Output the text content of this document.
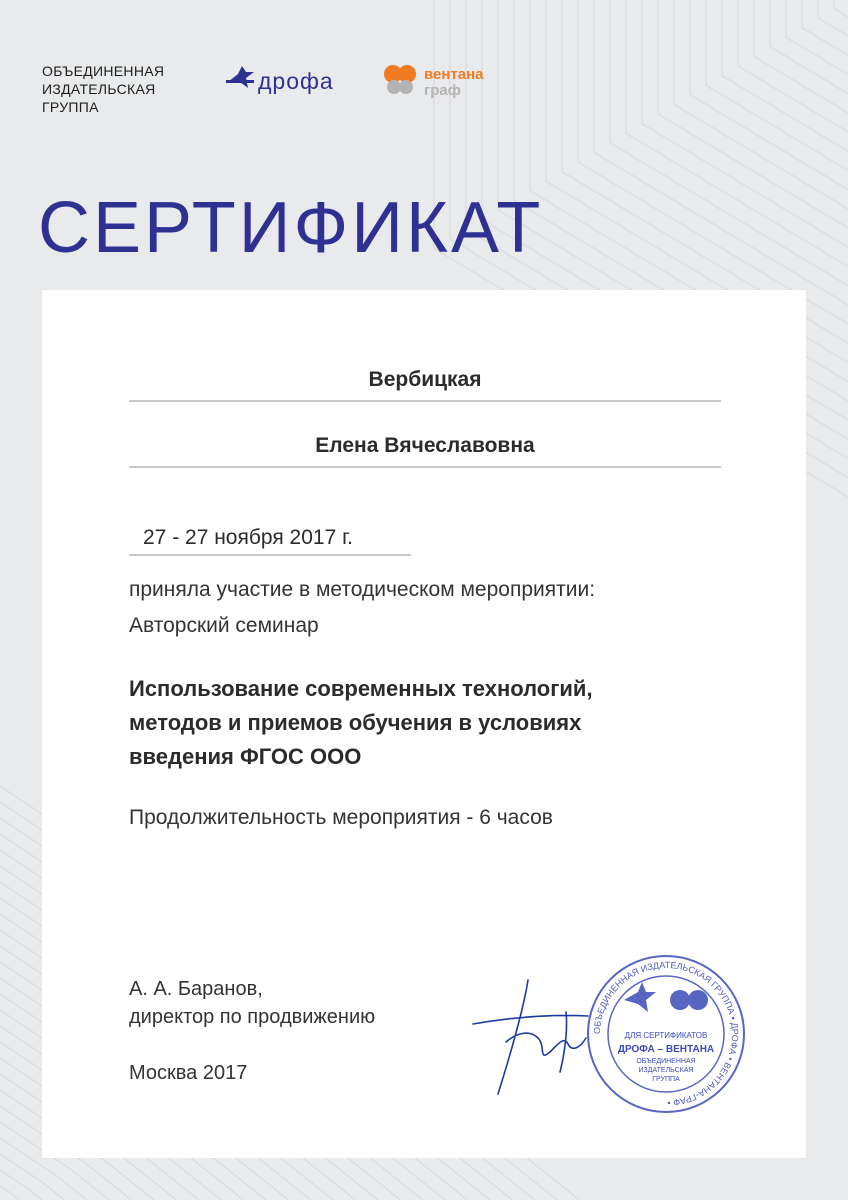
ОБЪЕДИНЕННАЯ
ИЗДАТЕЛЬСКАЯ
ГРУППА
дрофа	вентана
граф
СЕРТИФИКАТ
Вербицкая
Елена Вячеславовна
27 - 27 ноября 2017 г.
приняла участие в методическом мероприятии:
Авторский семинар
Использование современных технологий,
методов и приемов обучения в условиях
введения ФГОС ООО
Продолжительность мероприятия - 6 часов
А. А. Баранов,
директор по продвижению
Москва 2017
ОБЪЕДИНЕННАЯ ИЗДАТЕЛЬСКАЯ ГРУППА • ДРОФА • ВЕНТАНА-ГРАФ •
ДЛЯ СЕРТИФИКАТОВ
ДРОФА – ВЕНТАНА
ОБЪЕДИНЕННАЯ
ИЗДАТЕЛЬСКАЯ
ГРУППА
